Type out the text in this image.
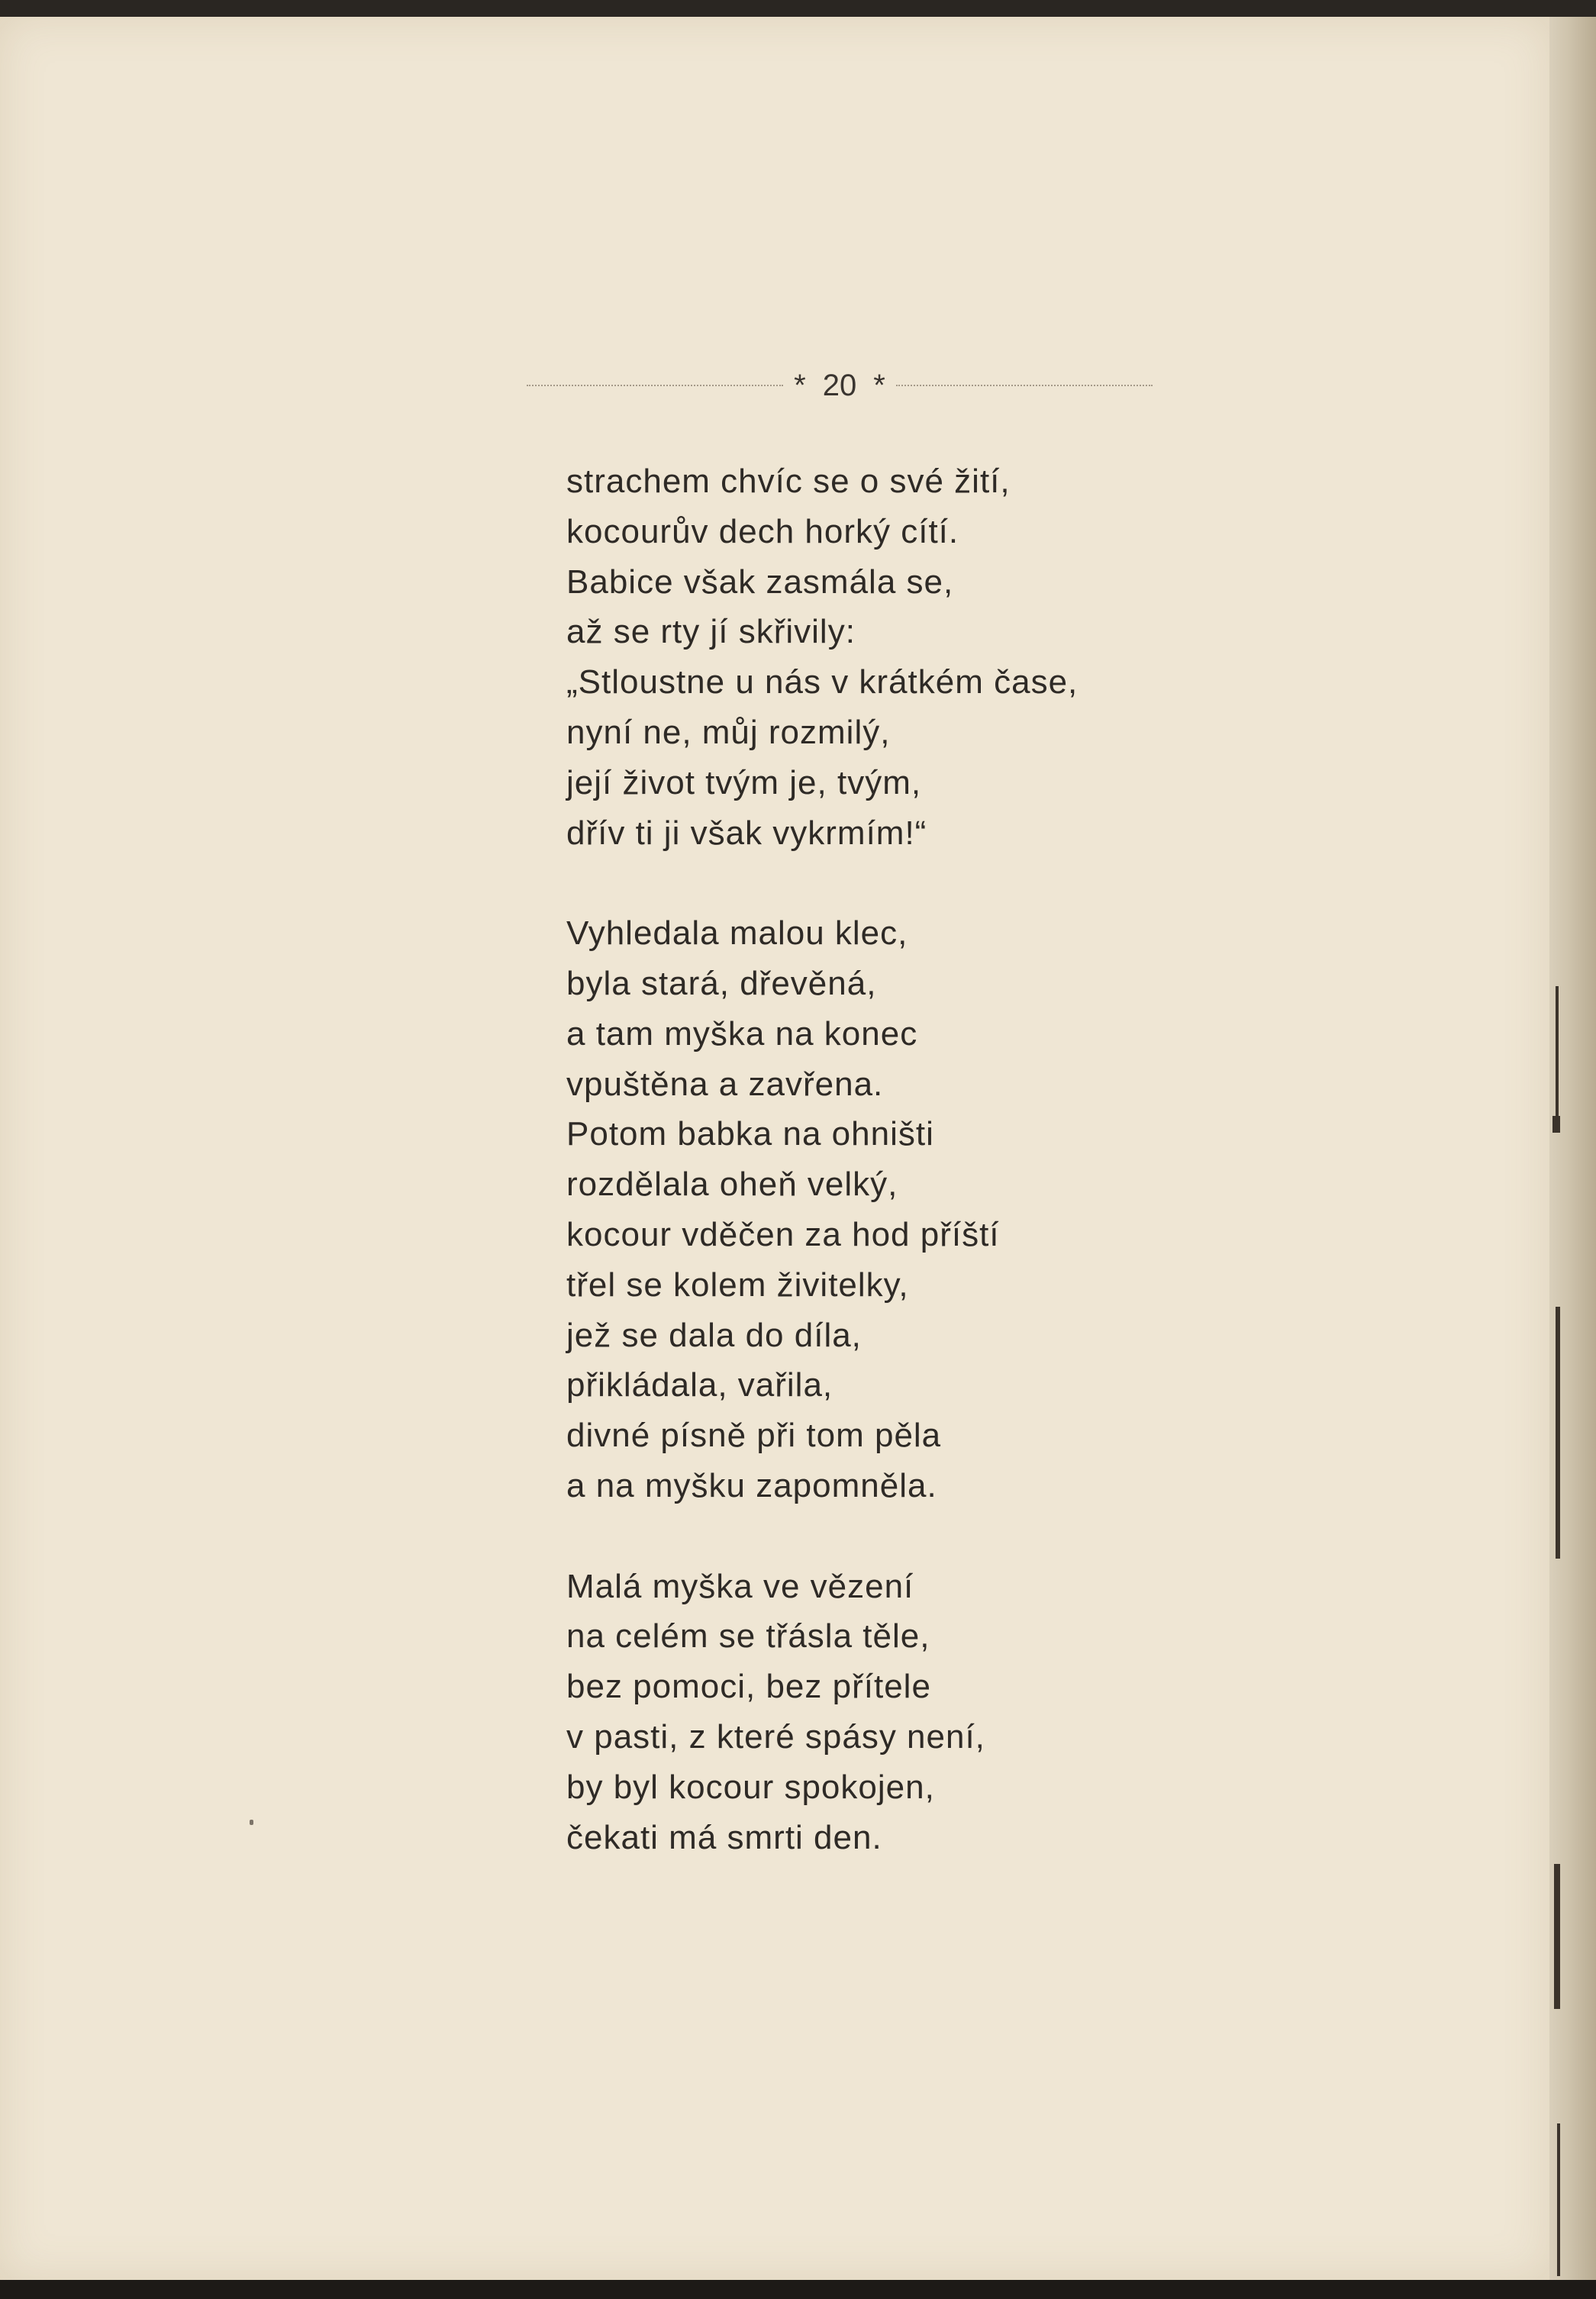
* 20 *
strachem chvíc se o své žití,
kocourův dech horký cítí.
Babice však zasmála se,
až se rty jí skřivily:
„Stloustne u nás v krátkém čase,
nyní ne, můj rozmilý,
její život tvým je, tvým,
dřív ti ji však vykrmím!“
Vyhledala malou klec,
byla stará, dřevěná,
a tam myška na konec
vpuštěna a zavřena.
Potom babka na ohništi
rozdělala oheň velký,
kocour vděčen za hod příští
třel se kolem živitelky,
jež se dala do díla,
přikládala, vařila,
divné písně při tom pěla
a na myšku zapomněla.
Malá myška ve vězení
na celém se třásla těle,
bez pomoci, bez přítele
v pasti, z které spásy není,
by byl kocour spokojen,
čekati má smrti den.
